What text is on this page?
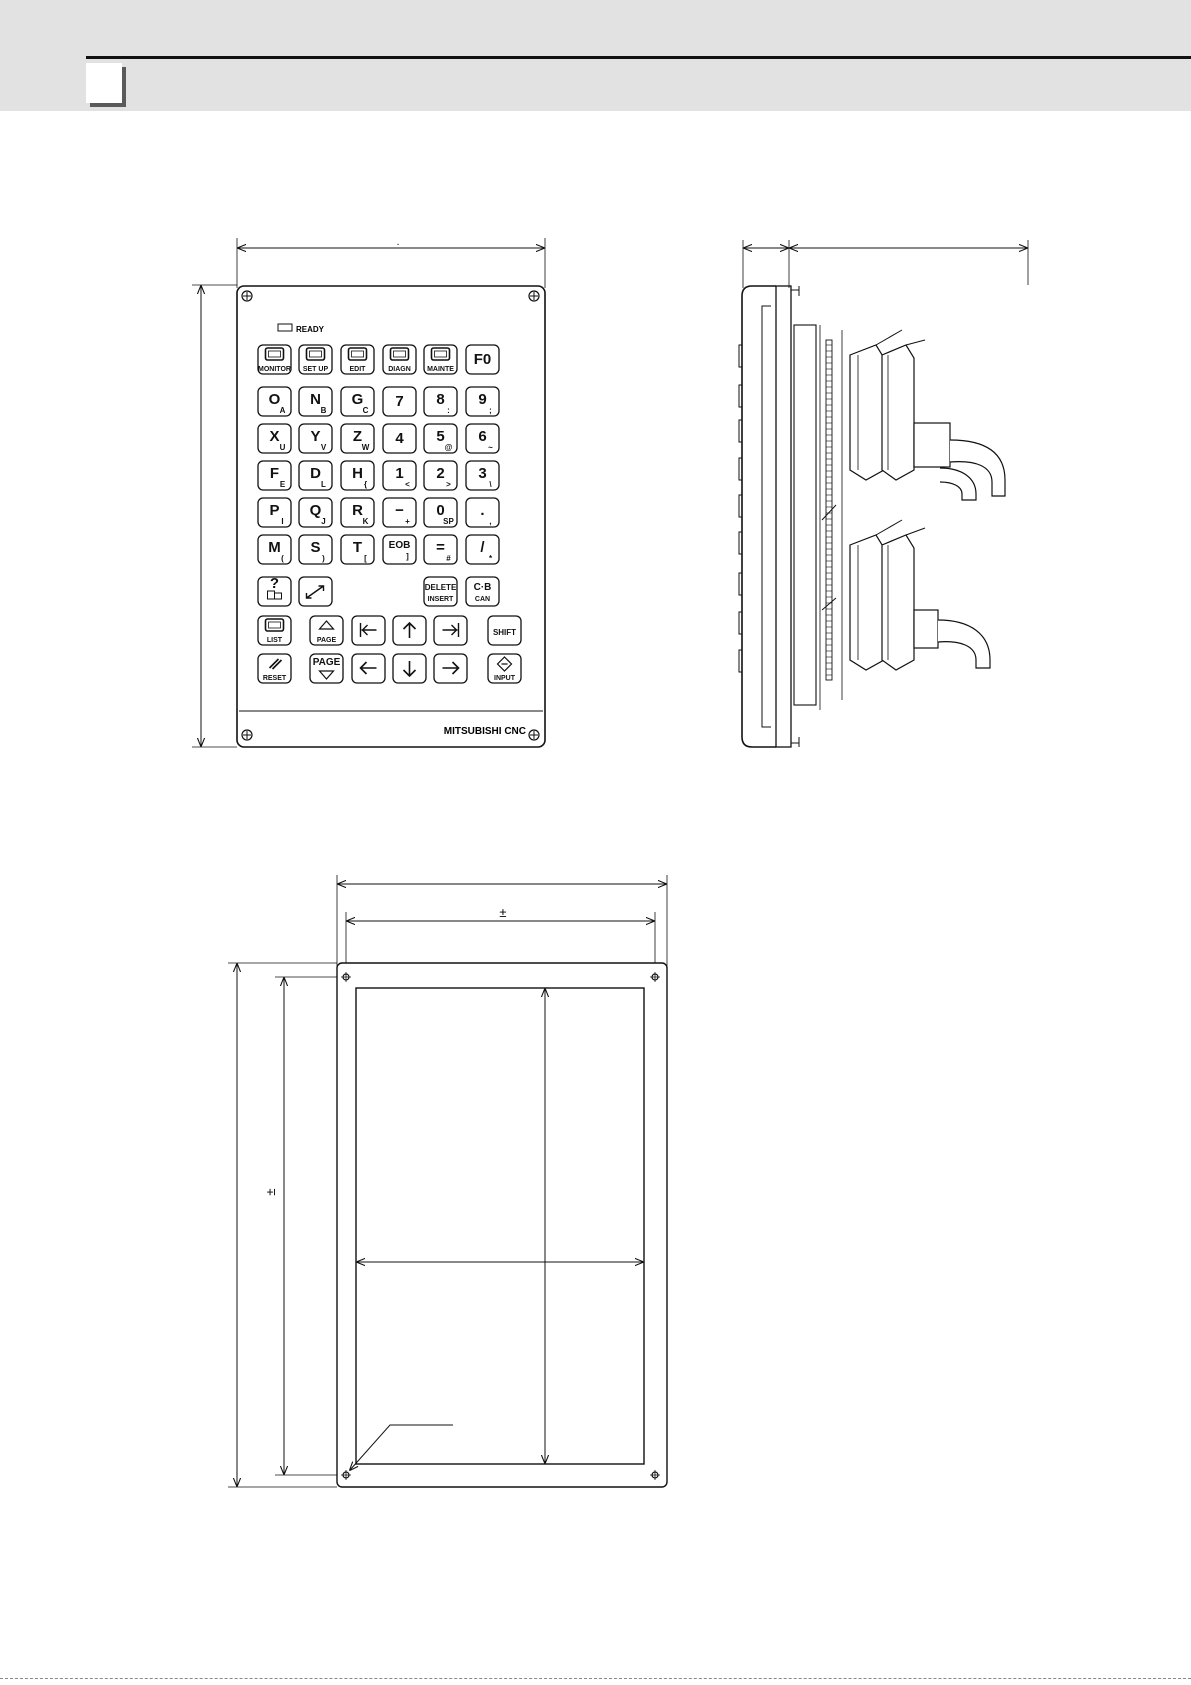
.
READY
MITSUBISHI CNC
MONITOR SET UP	EDIT	DIAGN MAINTE
F0
O
A
N
B
G
C
7 8
:
9
;
X
U
Y
V
Z
W
4 5
@
6
~
F
E
D
L
H
{
1
<
2
>
3
\
P
I
Q
J
R
K
−
+
0
SP
.
,
M
(
S
)
T
[
EOB
]
=
#
/
*
?	DELETE
INSERT
C·B
CAN
LIST	PAGE
SHIFT
RESET
PAGE
INPUT
±
±
